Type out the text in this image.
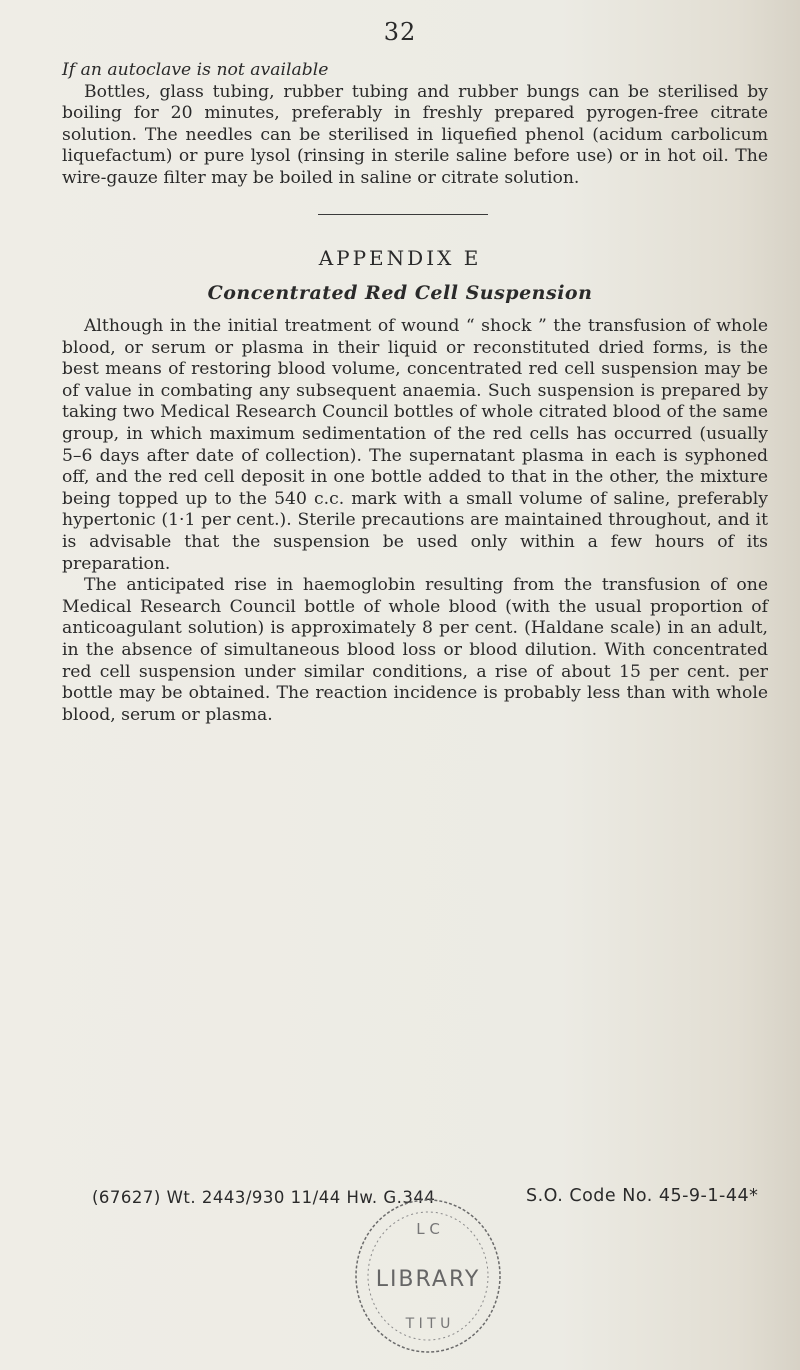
32

If an autoclave is not available

Bottles, glass tubing, rubber tubing and rubber bungs can be sterilised by boiling for 20 minutes, preferably in freshly prepared pyrogen-free citrate solution. The needles can be sterilised in liquefied phenol (acidum carbolicum liquefactum) or pure lysol (rinsing in sterile saline before use) or in hot oil. The wire-gauze filter may be boiled in saline or citrate solution.

APPENDIX E
Concentrated Red Cell Suspension

Although in the initial treatment of wound “ shock ” the transfusion of whole blood, or serum or plasma in their liquid or reconstituted dried forms, is the best means of restoring blood volume, concentrated red cell suspension may be of value in combating any subsequent anaemia. Such suspension is prepared by taking two Medical Research Council bottles of whole citrated blood of the same group, in which maximum sedimentation of the red cells has occurred (usually 5–6 days after date of collection). The supernatant plasma in each is syphoned off, and the red cell deposit in one bottle added to that in the other, the mixture being topped up to the 540 c.c. mark with a small volume of saline, preferably hypertonic (1·1 per cent.). Sterile precautions are maintained throughout, and it is advisable that the suspension be used only within a few hours of its preparation.

The anticipated rise in haemoglobin resulting from the transfusion of one Medical Research Council bottle of whole blood (with the usual proportion of anticoagulant solution) is approximately 8 per cent. (Haldane scale) in an adult, in the absence of simultaneous blood loss or blood dilution. With concentrated red cell suspension under similar conditions, a rise of about 15 per cent. per bottle may be obtained. The reaction incidence is probably less than with whole blood, serum or plasma.

(67627) Wt. 2443/930 11/44 Hw. G.344
L C
LIBRARY
T I T U
S.O. Code No. 45-9-1-44*
